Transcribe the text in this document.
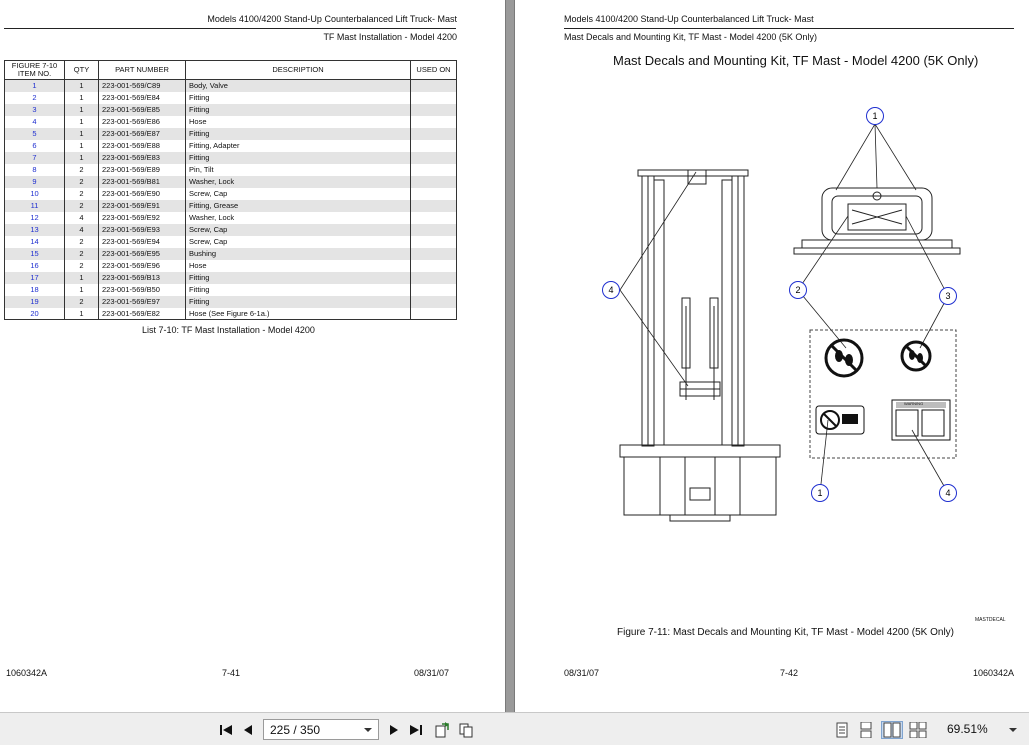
Models 4100/4200 Stand-Up Counterbalanced Lift Truck- Mast
TF Mast Installation - Model 4200
FIGURE 7-10 ITEM NO.	QTY	PART NUMBER	DESCRIPTION	USED ON
1	1	223-001-569/C89	Body, Valve	
2	1	223-001-569/E84	Fitting	
3	1	223-001-569/E85	Fitting	
4	1	223-001-569/E86	Hose	
5	1	223-001-569/E87	Fitting	
6	1	223-001-569/E88	Fitting, Adapter	
7	1	223-001-569/E83	Fitting	
8	2	223-001-569/E89	Pin, Tilt	
9	2	223-001-569/B81	Washer, Lock	
10	2	223-001-569/E90	Screw, Cap	
11	2	223-001-569/E91	Fitting, Grease	
12	4	223-001-569/E92	Washer, Lock	
13	4	223-001-569/E93	Screw, Cap	
14	2	223-001-569/E94	Screw, Cap	
15	2	223-001-569/E95	Bushing	
16	2	223-001-569/E96	Hose	
17	1	223-001-569/B13	Fitting	
18	1	223-001-569/B50	Fitting	
19	2	223-001-569/E97	Fitting	
20	1	223-001-569/E82	Hose (See Figure 6-1a.)	
List 7-10: TF Mast Installation - Model 4200
1060342A	7-41	08/31/07
Models 4100/4200 Stand-Up Counterbalanced Lift Truck- Mast
Mast Decals and Mounting Kit, TF Mast - Model 4200 (5K Only)
08/31/07	7-42	1060342A
Mast Decals and Mounting Kit, TF Mast - Model 4200 (5K Only)
1
4	2
3
1	4
WARNING
MASTDECAL
Figure 7-11: Mast Decals and Mounting Kit, TF Mast - Model 4200 (5K Only)
225 / 350	69.51%
